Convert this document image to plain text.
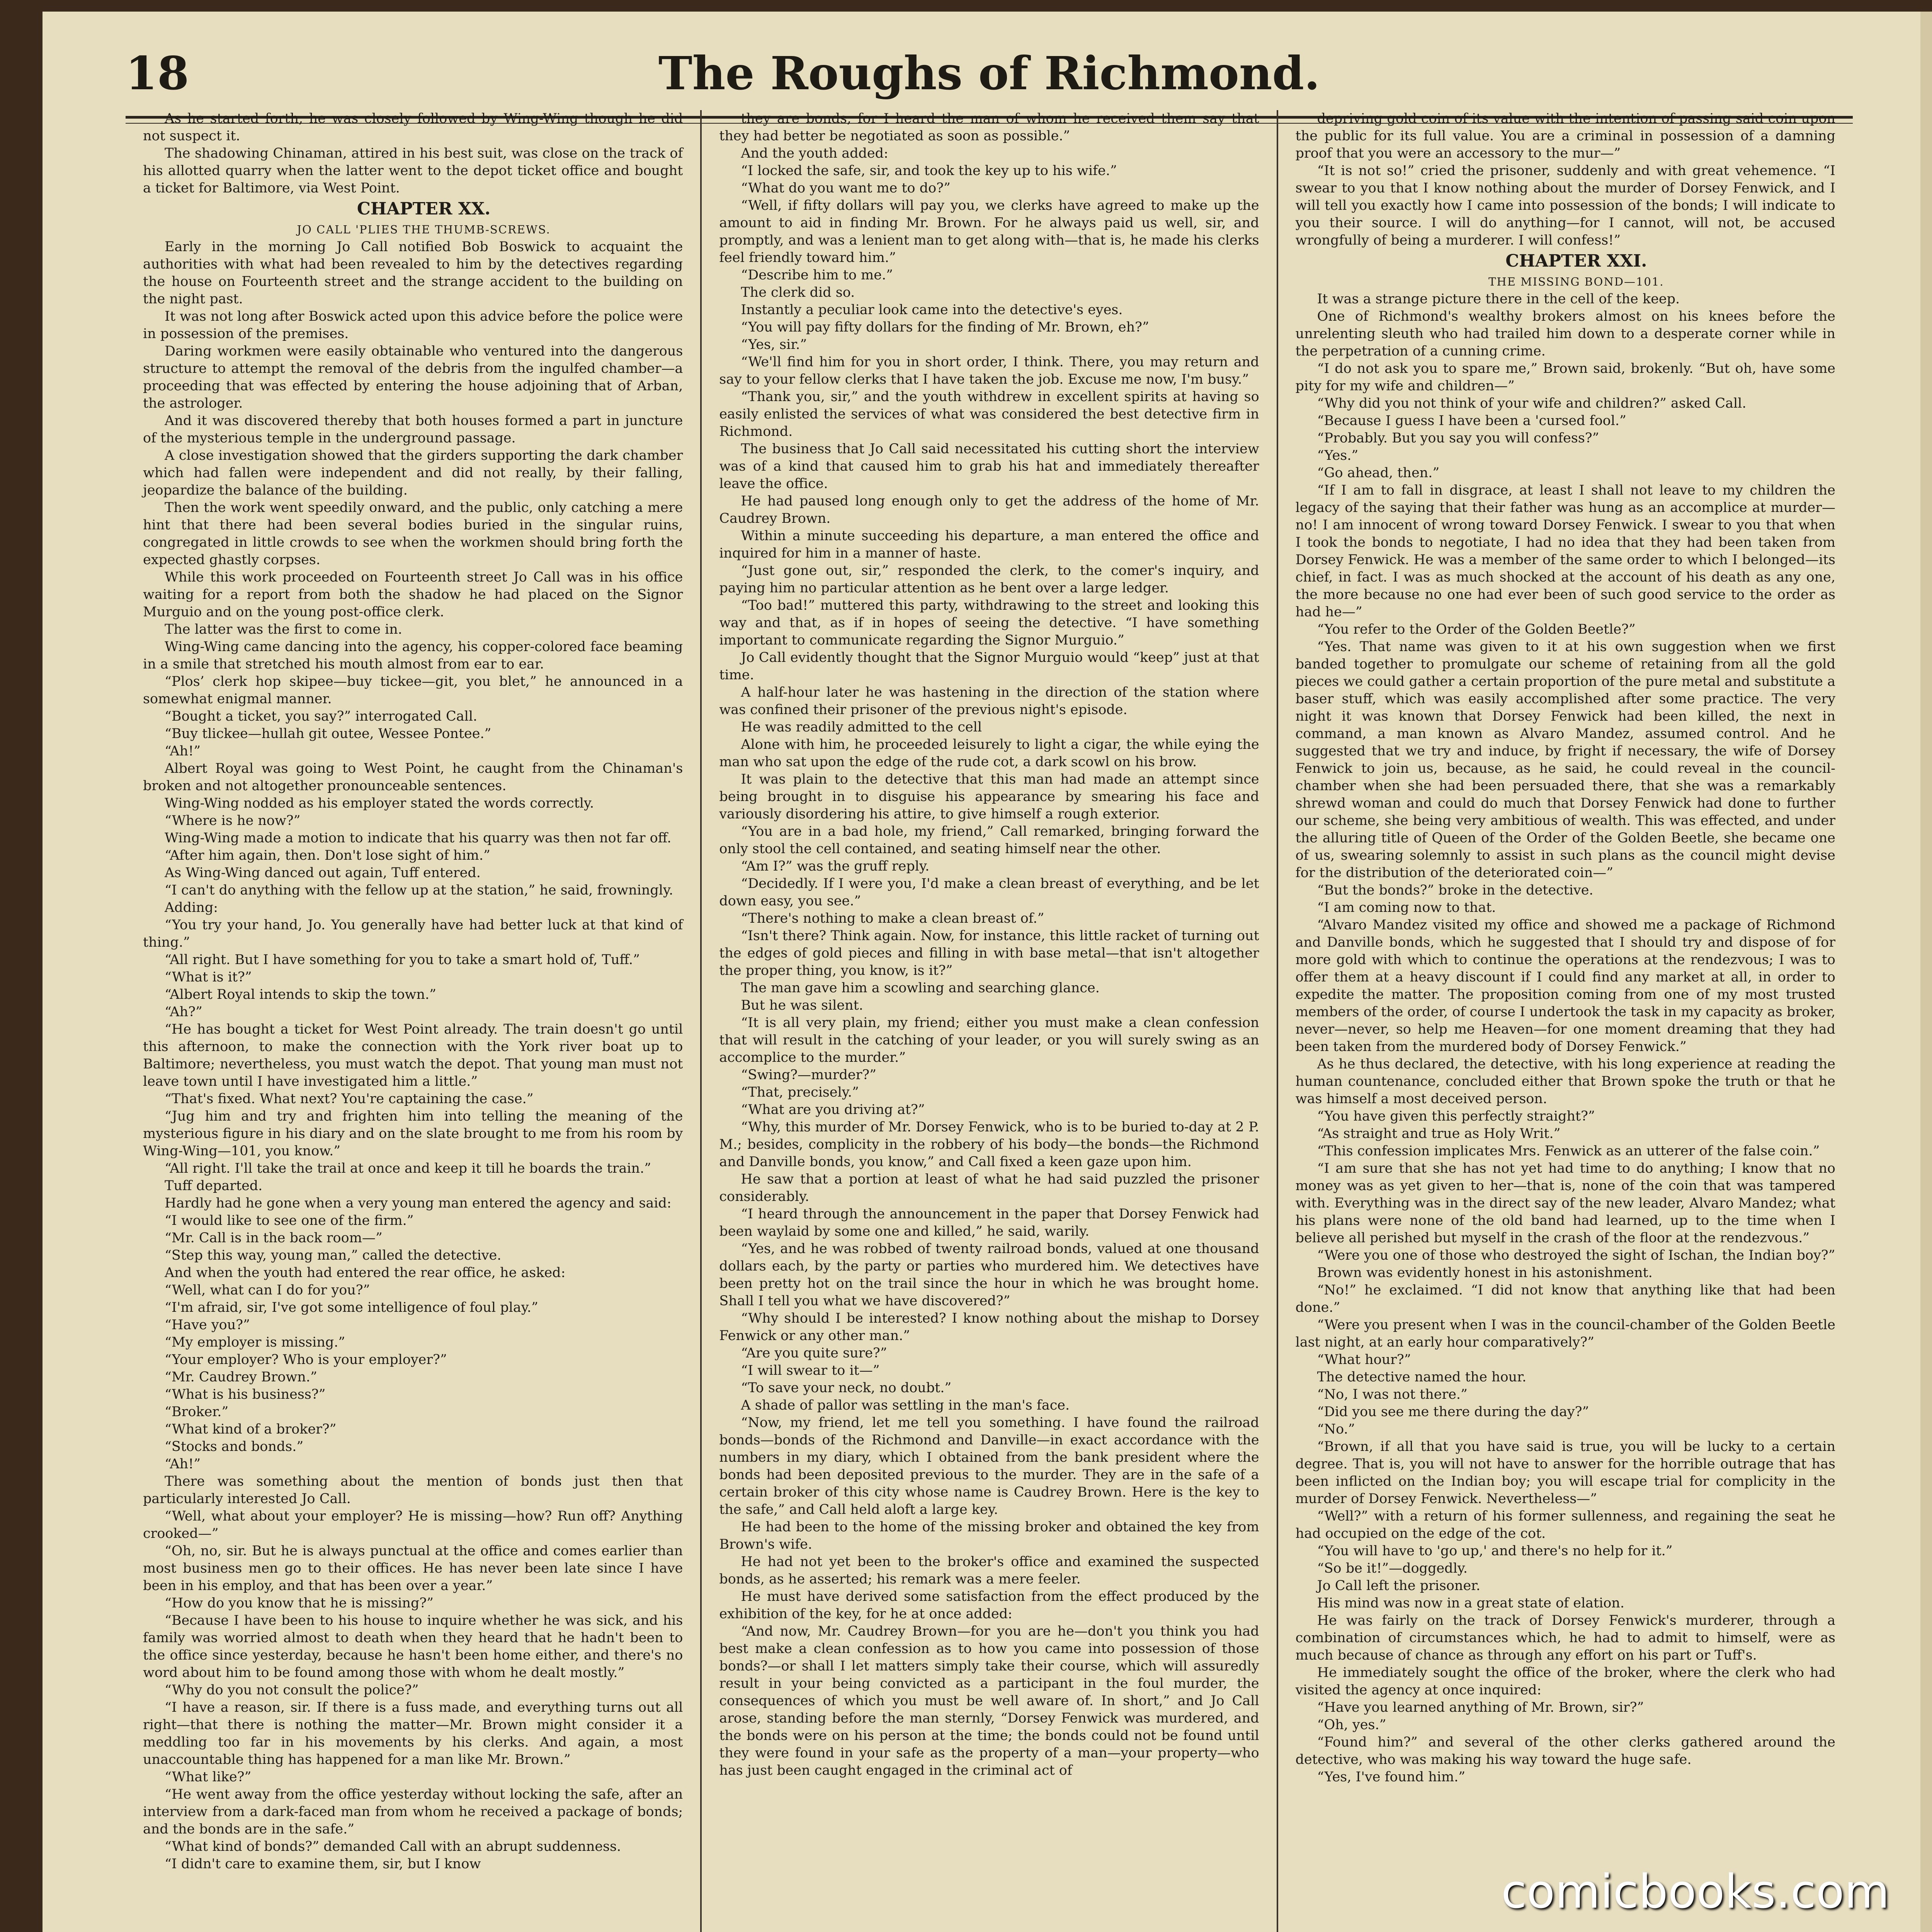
18	The Roughs of Richmond.

As he started forth, he was closely followed by Wing-Wing though he did not suspect it.

The shadowing Chinaman, attired in his best suit, was close on the track of his allotted quarry when the latter went to the depot ticket office and bought a ticket for Baltimore, via West Point.

CHAPTER XX.

JO CALL 'PLIES THE THUMB-SCREWS.

Early in the morning Jo Call notified Bob Boswick to acquaint the authorities with what had been revealed to him by the detectives regarding the house on Fourteenth street and the strange accident to the building on the night past.

It was not long after Boswick acted upon this advice before the police were in possession of the premises.

Daring workmen were easily obtainable who ventured into the dangerous structure to attempt the removal of the debris from the ingulfed chamber—a proceeding that was effected by entering the house adjoining that of Arban, the astrologer.

And it was discovered thereby that both houses formed a part in juncture of the mysterious temple in the underground passage.

A close investigation showed that the girders supporting the dark chamber which had fallen were independent and did not really, by their falling, jeopardize the balance of the building.

Then the work went speedily onward, and the public, only catching a mere hint that there had been several bodies buried in the singular ruins, congregated in little crowds to see when the workmen should bring forth the expected ghastly corpses.

While this work proceeded on Fourteenth street Jo Call was in his office waiting for a report from both the shadow he had placed on the Signor Murguio and on the young post-office clerk.

The latter was the first to come in.

Wing-Wing came dancing into the agency, his copper-colored face beaming in a smile that stretched his mouth almost from ear to ear.

“Plos’ clerk hop skipee—buy tickee—git, you blet,” he announced in a somewhat enigmal manner.

“Bought a ticket, you say?” interrogated Call.

“Buy tlickee—hullah git outee, Wessee Pontee.”

“Ah!”

Albert Royal was going to West Point, he caught from the Chinaman's broken and not altogether pronounceable sentences.

Wing-Wing nodded as his employer stated the words correctly.

“Where is he now?”

Wing-Wing made a motion to indicate that his quarry was then not far off.

“After him again, then. Don't lose sight of him.”

As Wing-Wing danced out again, Tuff entered.

“I can't do anything with the fellow up at the station,” he said, frowningly.

Adding:

“You try your hand, Jo. You generally have had better luck at that kind of thing.”

“All right. But I have something for you to take a smart hold of, Tuff.”

“What is it?”

“Albert Royal intends to skip the town.”

“Ah?”

“He has bought a ticket for West Point already. The train doesn't go until this afternoon, to make the connection with the York river boat up to Baltimore; nevertheless, you must watch the depot. That young man must not leave town until I have investigated him a little.”

“That's fixed. What next? You're captaining the case.”

“Jug him and try and frighten him into telling the meaning of the mysterious figure in his diary and on the slate brought to me from his room by Wing-Wing—101, you know.”

“All right. I'll take the trail at once and keep it till he boards the train.”

Tuff departed.

Hardly had he gone when a very young man entered the agency and said:

“I would like to see one of the firm.”

“Mr. Call is in the back room—”

“Step this way, young man,” called the detective.

And when the youth had entered the rear office, he asked:

“Well, what can I do for you?”

“I'm afraid, sir, I've got some intelligence of foul play.”

“Have you?”

“My employer is missing.”

“Your employer? Who is your employer?”

“Mr. Caudrey Brown.”

“What is his business?”

“Broker.”

“What kind of a broker?”

“Stocks and bonds.”

“Ah!”

There was something about the mention of bonds just then that particularly interested Jo Call.

“Well, what about your employer? He is missing—how? Run off? Anything crooked—”

“Oh, no, sir. But he is always punctual at the office and comes earlier than most business men go to their offices. He has never been late since I have been in his employ, and that has been over a year.”

“How do you know that he is missing?”

“Because I have been to his house to inquire whether he was sick, and his family was worried almost to death when they heard that he hadn't been to the office since yesterday, because he hasn't been home either, and there's no word about him to be found among those with whom he dealt mostly.”

“Why do you not consult the police?”

“I have a reason, sir. If there is a fuss made, and everything turns out all right—that there is nothing the matter—Mr. Brown might consider it a meddling too far in his movements by his clerks. And again, a most unaccountable thing has happened for a man like Mr. Brown.”

“What like?”

“He went away from the office yesterday without locking the safe, after an interview from a dark-faced man from whom he received a package of bonds; and the bonds are in the safe.”

“What kind of bonds?” demanded Call with an abrupt suddenness.

“I didn't care to examine them, sir, but I know

they are bonds, for I heard the man of whom he received them say that they had better be negotiated as soon as possible.”

And the youth added:

“I locked the safe, sir, and took the key up to his wife.”

“What do you want me to do?”

“Well, if fifty dollars will pay you, we clerks have agreed to make up the amount to aid in finding Mr. Brown. For he always paid us well, sir, and promptly, and was a lenient man to get along with—that is, he made his clerks feel friendly toward him.”

“Describe him to me.”

The clerk did so.

Instantly a peculiar look came into the detective's eyes.

“You will pay fifty dollars for the finding of Mr. Brown, eh?”

“Yes, sir.”

“We'll find him for you in short order, I think. There, you may return and say to your fellow clerks that I have taken the job. Excuse me now, I'm busy.”

“Thank you, sir,” and the youth withdrew in excellent spirits at having so easily enlisted the services of what was considered the best detective firm in Richmond.

The business that Jo Call said necessitated his cutting short the interview was of a kind that caused him to grab his hat and immediately thereafter leave the office.

He had paused long enough only to get the address of the home of Mr. Caudrey Brown.

Within a minute succeeding his departure, a man entered the office and inquired for him in a manner of haste.

“Just gone out, sir,” responded the clerk, to the comer's inquiry, and paying him no particular attention as he bent over a large ledger.

“Too bad!” muttered this party, withdrawing to the street and looking this way and that, as if in hopes of seeing the detective. “I have something important to communicate regarding the Signor Murguio.”

Jo Call evidently thought that the Signor Murguio would “keep” just at that time.

A half-hour later he was hastening in the direction of the station where was confined their prisoner of the previous night's episode.

He was readily admitted to the cell

Alone with him, he proceeded leisurely to light a cigar, the while eying the man who sat upon the edge of the rude cot, a dark scowl on his brow.

It was plain to the detective that this man had made an attempt since being brought in to disguise his appearance by smearing his face and variously disordering his attire, to give himself a rough exterior.

“You are in a bad hole, my friend,” Call remarked, bringing forward the only stool the cell contained, and seating himself near the other.

“Am I?” was the gruff reply.

“Decidedly. If I were you, I'd make a clean breast of everything, and be let down easy, you see.”

“There's nothing to make a clean breast of.”

“Isn't there? Think again. Now, for instance, this little racket of turning out the edges of gold pieces and filling in with base metal—that isn't altogether the proper thing, you know, is it?”

The man gave him a scowling and searching glance.

But he was silent.

“It is all very plain, my friend; either you must make a clean confession that will result in the catching of your leader, or you will surely swing as an accomplice to the murder.”

“Swing?—murder?”

“That, precisely.”

“What are you driving at?”

“Why, this murder of Mr. Dorsey Fenwick, who is to be buried to-day at 2 P. M.; besides, complicity in the robbery of his body—the bonds—the Richmond and Danville bonds, you know,” and Call fixed a keen gaze upon him.

He saw that a portion at least of what he had said puzzled the prisoner considerably.

“I heard through the announcement in the paper that Dorsey Fenwick had been waylaid by some one and killed,” he said, warily.

“Yes, and he was robbed of twenty railroad bonds, valued at one thousand dollars each, by the party or parties who murdered him. We detectives have been pretty hot on the trail since the hour in which he was brought home. Shall I tell you what we have discovered?”

“Why should I be interested? I know nothing about the mishap to Dorsey Fenwick or any other man.”

“Are you quite sure?”

“I will swear to it—”

“To save your neck, no doubt.”

A shade of pallor was settling in the man's face.

“Now, my friend, let me tell you something. I have found the railroad bonds—bonds of the Richmond and Danville—in exact accordance with the numbers in my diary, which I obtained from the bank president where the bonds had been deposited previous to the murder. They are in the safe of a certain broker of this city whose name is Caudrey Brown. Here is the key to the safe,” and Call held aloft a large key.

He had been to the home of the missing broker and obtained the key from Brown's wife.

He had not yet been to the broker's office and examined the suspected bonds, as he asserted; his remark was a mere feeler.

He must have derived some satisfaction from the effect produced by the exhibition of the key, for he at once added:

“And now, Mr. Caudrey Brown—for you are he—don't you think you had best make a clean confession as to how you came into possession of those bonds?—or shall I let matters simply take their course, which will assuredly result in your being convicted as a participant in the foul murder, the consequences of which you must be well aware of. In short,” and Jo Call arose, standing before the man sternly, “Dorsey Fenwick was murdered, and the bonds were on his person at the time; the bonds could not be found until they were found in your safe as the property of a man—your property—who has just been caught engaged in the criminal act of

depriving gold coin of its value with the intention of passing said coin upon the public for its full value. You are a criminal in possession of a damning proof that you were an accessory to the mur—”

“It is not so!” cried the prisoner, suddenly and with great vehemence. “I swear to you that I know nothing about the murder of Dorsey Fenwick, and I will tell you exactly how I came into possession of the bonds; I will indicate to you their source. I will do anything—for I cannot, will not, be accused wrongfully of being a murderer. I will confess!”

CHAPTER XXI.

THE MISSING BOND—101.

It was a strange picture there in the cell of the keep.

One of Richmond's wealthy brokers almost on his knees before the unrelenting sleuth who had trailed him down to a desperate corner while in the perpetration of a cunning crime.

“I do not ask you to spare me,” Brown said, brokenly. “But oh, have some pity for my wife and children—”

“Why did you not think of your wife and children?” asked Call.

“Because I guess I have been a 'cursed fool.”

“Probably. But you say you will confess?”

“Yes.”

“Go ahead, then.”

“If I am to fall in disgrace, at least I shall not leave to my children the legacy of the saying that their father was hung as an accomplice at murder—no! I am innocent of wrong toward Dorsey Fenwick. I swear to you that when I took the bonds to negotiate, I had no idea that they had been taken from Dorsey Fenwick. He was a member of the same order to which I belonged—its chief, in fact. I was as much shocked at the account of his death as any one, the more because no one had ever been of such good service to the order as had he—”

“You refer to the Order of the Golden Beetle?”

“Yes. That name was given to it at his own suggestion when we first banded together to promulgate our scheme of retaining from all the gold pieces we could gather a certain proportion of the pure metal and substitute a baser stuff, which was easily accomplished after some practice. The very night it was known that Dorsey Fenwick had been killed, the next in command, a man known as Alvaro Mandez, assumed control. And he suggested that we try and induce, by fright if necessary, the wife of Dorsey Fenwick to join us, because, as he said, he could reveal in the council-chamber when she had been persuaded there, that she was a remarkably shrewd woman and could do much that Dorsey Fenwick had done to further our scheme, she being very ambitious of wealth. This was effected, and under the alluring title of Queen of the Order of the Golden Beetle, she became one of us, swearing solemnly to assist in such plans as the council might devise for the distribution of the deteriorated coin—”

“But the bonds?” broke in the detective.

“I am coming now to that.

“Alvaro Mandez visited my office and showed me a package of Richmond and Danville bonds, which he suggested that I should try and dispose of for more gold with which to continue the operations at the rendezvous; I was to offer them at a heavy discount if I could find any market at all, in order to expedite the matter. The proposition coming from one of my most trusted members of the order, of course I undertook the task in my capacity as broker, never—never, so help me Heaven—for one moment dreaming that they had been taken from the murdered body of Dorsey Fenwick.”

As he thus declared, the detective, with his long experience at reading the human countenance, concluded either that Brown spoke the truth or that he was himself a most deceived person.

“You have given this perfectly straight?”

“As straight and true as Holy Writ.”

“This confession implicates Mrs. Fenwick as an utterer of the false coin.”

“I am sure that she has not yet had time to do anything; I know that no money was as yet given to her—that is, none of the coin that was tampered with. Everything was in the direct say of the new leader, Alvaro Mandez; what his plans were none of the old band had learned, up to the time when I believe all perished but myself in the crash of the floor at the rendezvous.”

“Were you one of those who destroyed the sight of Ischan, the Indian boy?”

Brown was evidently honest in his astonishment.

“No!” he exclaimed. “I did not know that anything like that had been done.”

“Were you present when I was in the council-chamber of the Golden Beetle last night, at an early hour comparatively?”

“What hour?”

The detective named the hour.

“No, I was not there.”

“Did you see me there during the day?”

“No.”

“Brown, if all that you have said is true, you will be lucky to a certain degree. That is, you will not have to answer for the horrible outrage that has been inflicted on the Indian boy; you will escape trial for complicity in the murder of Dorsey Fenwick. Nevertheless—”

“Well?” with a return of his former sullenness, and regaining the seat he had occupied on the edge of the cot.

“You will have to 'go up,' and there's no help for it.”

“So be it!”—doggedly.

Jo Call left the prisoner.

His mind was now in a great state of elation.

He was fairly on the track of Dorsey Fenwick's murderer, through a combination of circumstances which, he had to admit to himself, were as much because of chance as through any effort on his part or Tuff's.

He immediately sought the office of the broker, where the clerk who had visited the agency at once inquired:

“Have you learned anything of Mr. Brown, sir?”

“Oh, yes.”

“Found him?” and several of the other clerks gathered around the detective, who was making his way toward the huge safe.

“Yes, I've found him.”

comicbooks.com
